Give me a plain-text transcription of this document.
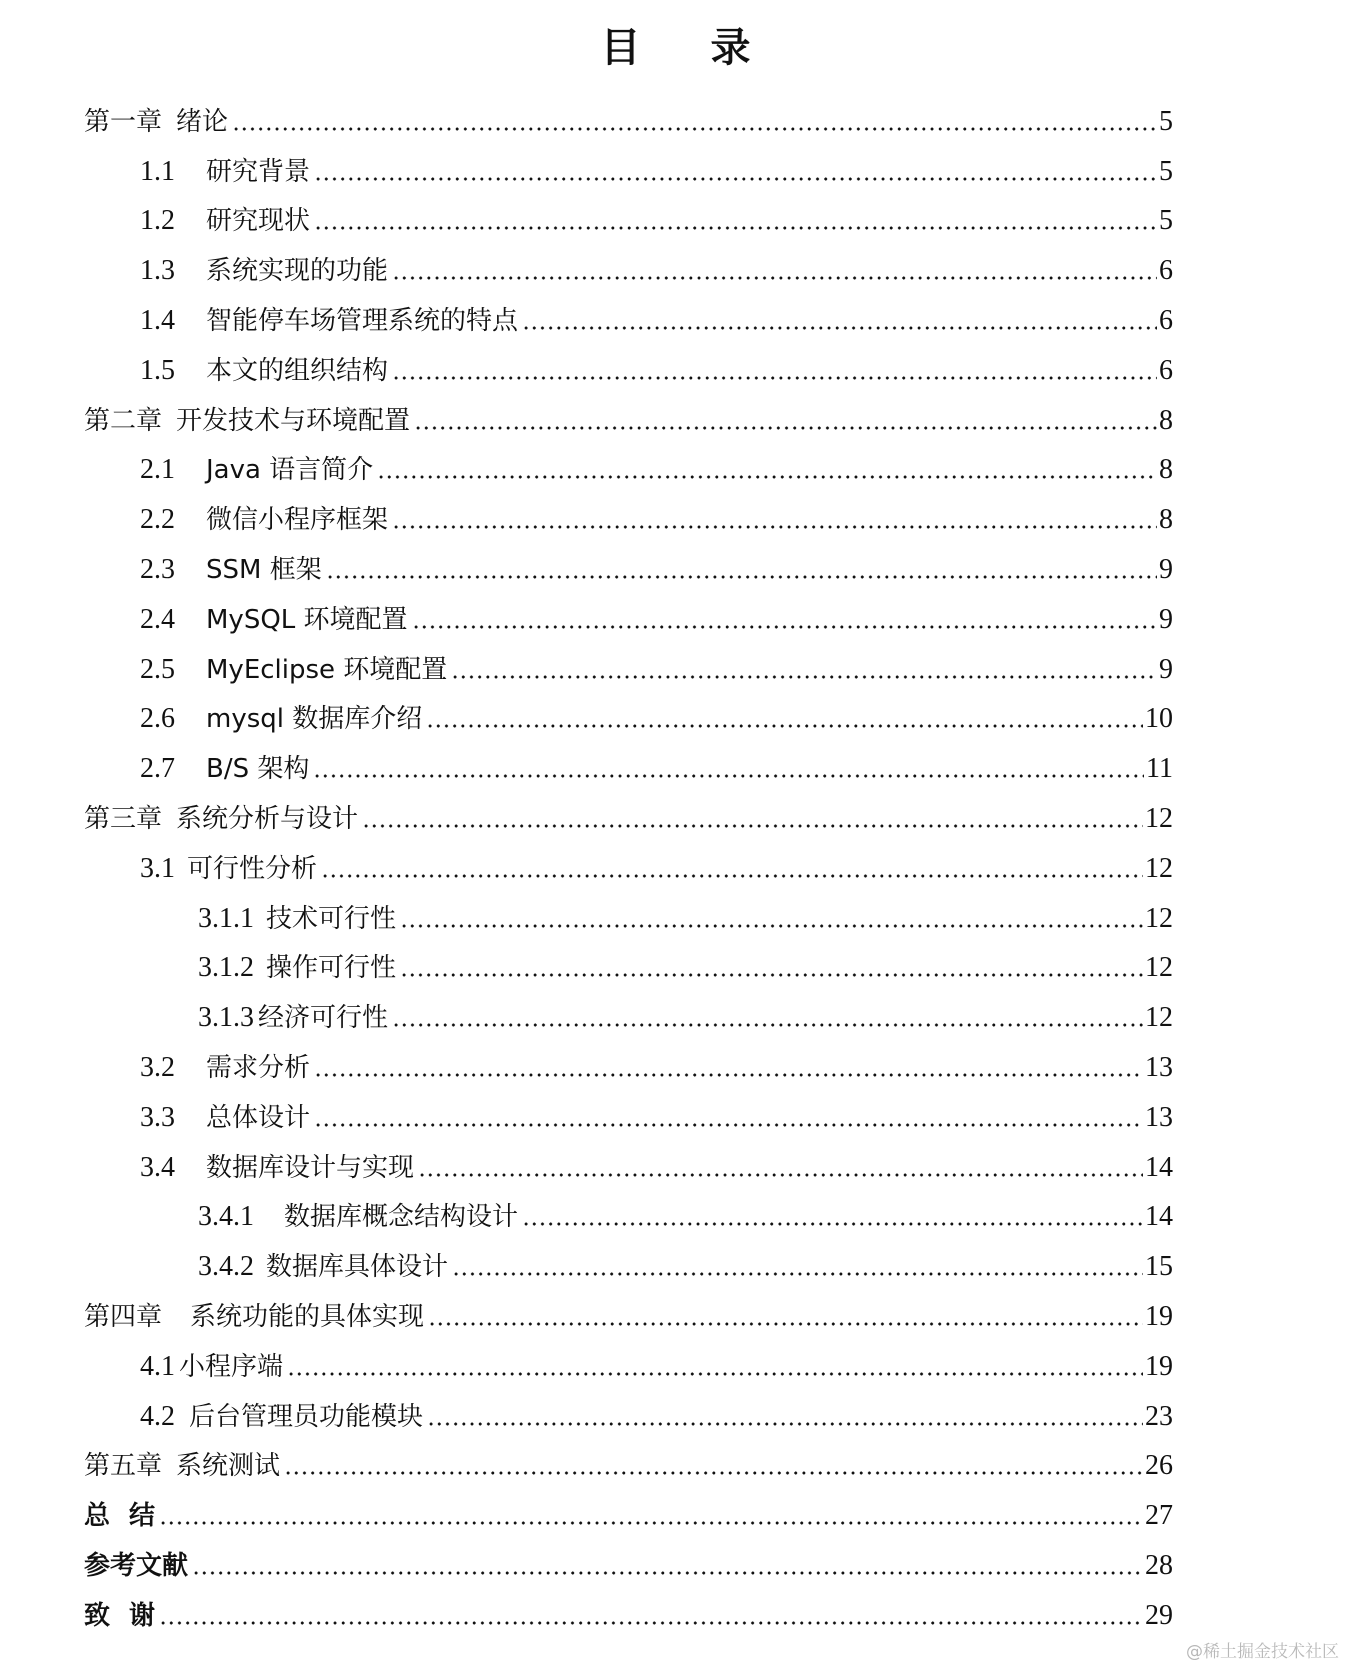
目 录
第一章 绪论	5
1.1	研究背景	5
1.2	研究现状	5
1.3	系统实现的功能	6
1.4	智能停车场管理系统的特点	6
1.5	本文的组织结构	6
第二章 开发技术与环境配置	8
2.1	Java 语言简介	8
2.2	微信小程序框架	8
2.3	SSM 框架	9
2.4	MySQL 环境配置	9
2.5	MyEclipse 环境配置	9
2.6	mysql 数据库介绍	10
2.7	B/S 架构	11
第三章 系统分析与设计	12
3.1 可行性分析	12
3.1.1 技术可行性	12
3.1.2 操作可行性	12
3.1.3 经济可行性	12
3.2	需求分析	13
3.3	总体设计	13
3.4	数据库设计与实现	14
3.4.1 数据库概念结构设计	14
3.4.2 数据库具体设计	15
第四章 系统功能的具体实现	19
4.1 小程序端	19
4.2 后台管理员功能模块	23
第五章 系统测试	26
总 结	27
参考文献	28
致 谢	29
@稀土掘金技术社区
